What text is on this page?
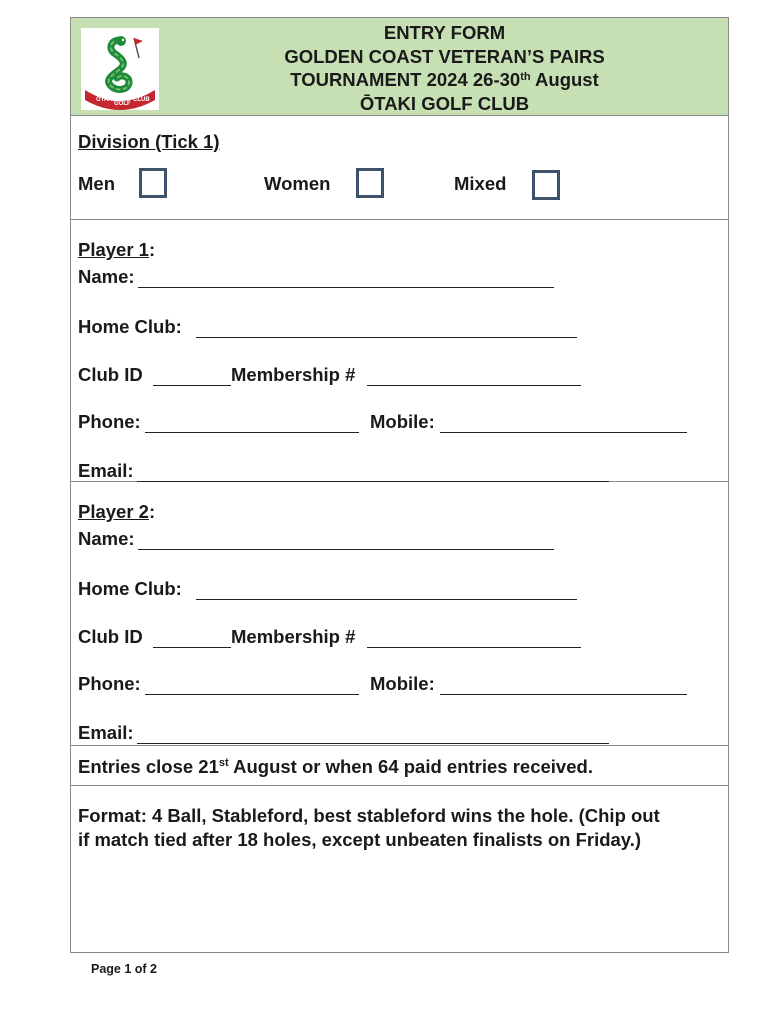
ŌTAKI
GOLF
CLUB
ENTRY FORM
GOLDEN COAST VETERAN’S PAIRS
TOURNAMENT 2024 26-30th August
ŌTAKI GOLF CLUB
Division (Tick 1)
Men	Women	Mixed
Player 1:
Name:
Home Club:
Club ID	Membership #
Phone:	Mobile:
Email:
Player 2:
Name:
Home Club:
Club ID	Membership #
Phone:	Mobile:
Email:
Entries close 21st August or when 64 paid entries received.
Format: 4 Ball, Stableford, best stableford wins the hole. (Chip out
if match tied after 18 holes, except unbeaten finalists on Friday.)
Page 1 of 2
